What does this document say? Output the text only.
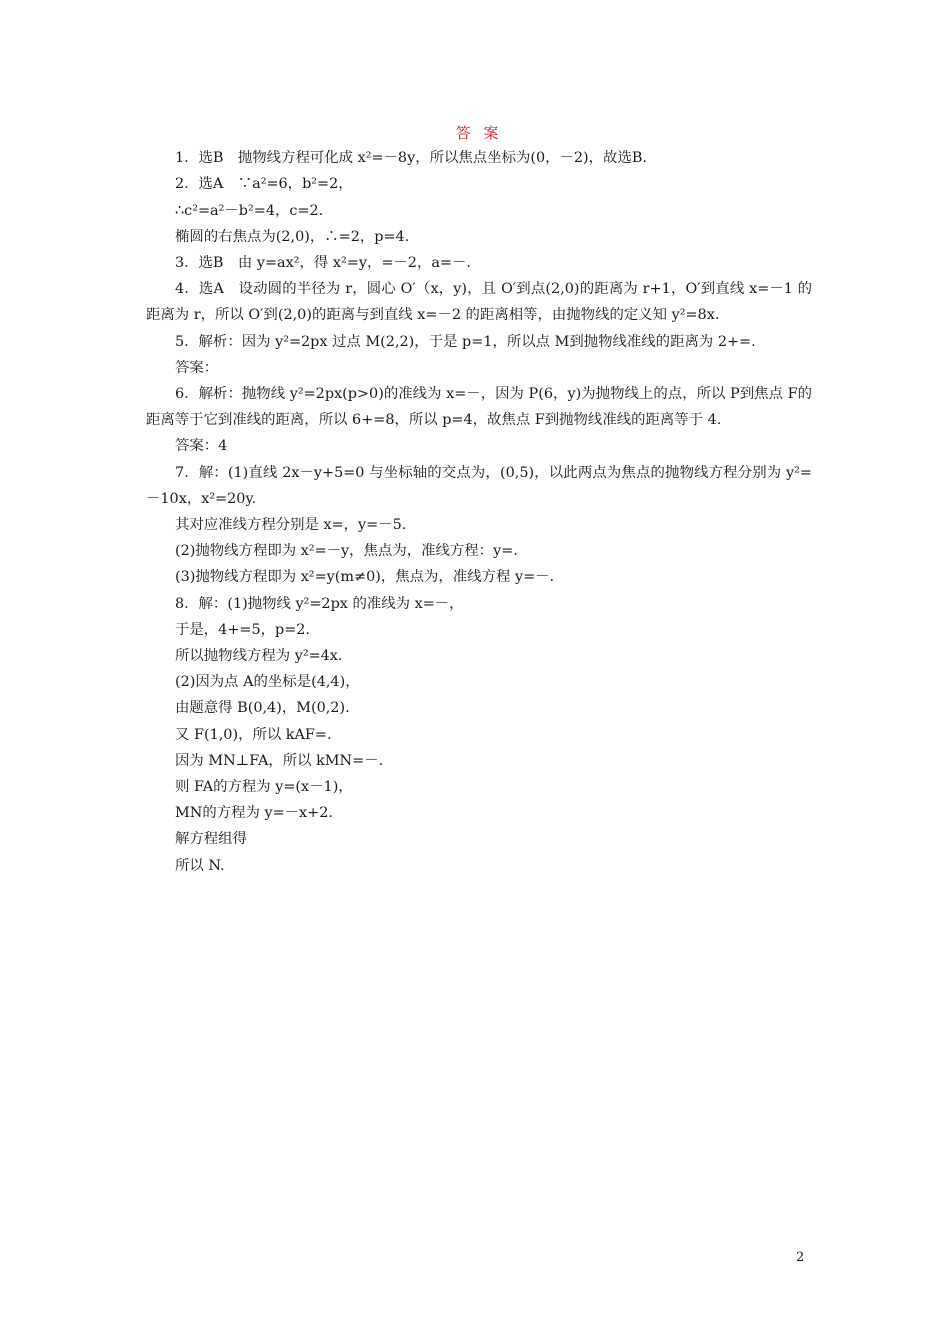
答 案
1．选B　抛物线方程可化成 x²=－8y，所以焦点坐标为(0，－2)，故选B.
2．选A　∵a²=6，b²=2，
∴c²=a²－b²=4，c=2.
椭圆的右焦点为(2,0)，∴=2，p=4.
3．选B　由 y=ax²，得 x²=y，=－2，a=－.
4．选A　设动圆的半径为 r，圆心 O′（x，y)，且 O′到点(2,0)的距离为 r+1，O′到直线 x=－1 的距离为 r，所以 O′到(2,0)的距离与到直线 x=－2 的距离相等，由抛物线的定义知 y²=8x.
5．解析：因为 y²=2px 过点 M(2,2)，于是 p=1，所以点 M到抛物线准线的距离为 2+=.
答案：
6．解析：抛物线 y²=2px(p>0)的准线为 x=－，因为 P(6，y)为抛物线上的点，所以 P到焦点 F的距离等于它到准线的距离，所以 6+=8，所以 p=4，故焦点 F到抛物线准线的距离等于 4.
答案：4
7．解：(1)直线 2x－y+5=0 与坐标轴的交点为，(0,5)，以此两点为焦点的抛物线方程分别为 y²=－10x，x²=20y.
其对应准线方程分别是 x=，y=－5.
(2)抛物线方程即为 x²=－y，焦点为，准线方程：y=.
(3)抛物线方程即为 x²=y(m≠0)，焦点为，准线方程 y=－.
8．解：(1)抛物线 y²=2px 的准线为 x=－，
于是，4+=5，p=2.
所以抛物线方程为 y²=4x.
(2)因为点 A的坐标是(4,4)，
由题意得 B(0,4)，M(0,2).
又 F(1,0)，所以 kAF=.
因为 MN⊥FA，所以 kMN=－.
则 FA的方程为 y=(x－1)，
MN的方程为 y=－x+2.
解方程组得
所以 N.
2
